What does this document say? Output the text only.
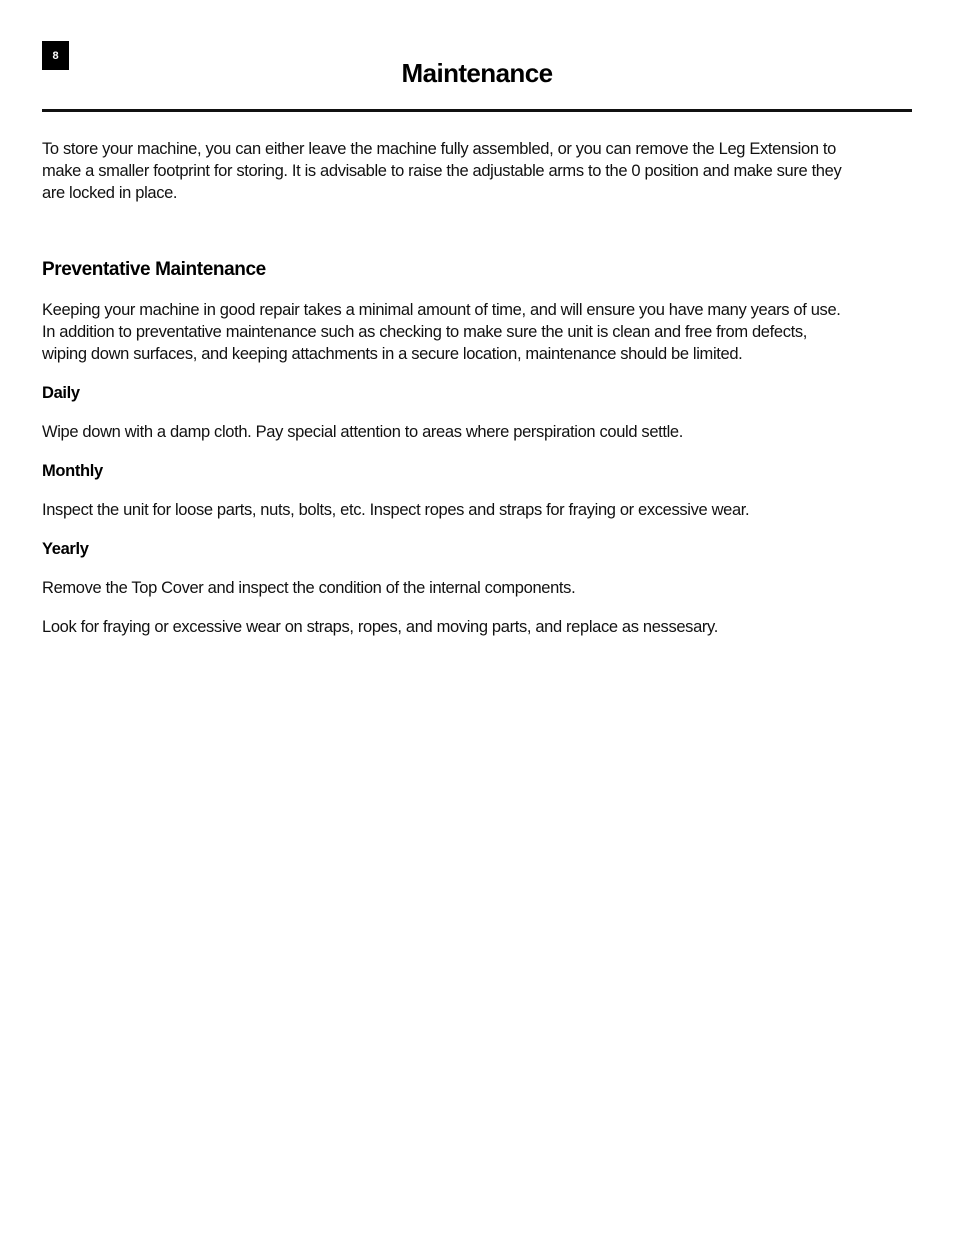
8
Maintenance

To store your machine, you can either leave the machine fully assembled, or you can remove the Leg Extension to make a smaller footprint for storing. It is advisable to raise the adjustable arms to the 0 position and make sure they are locked in place.

Preventative Maintenance

Keeping your machine in good repair takes a minimal amount of time, and will ensure you have many years of use. In addition to preventative maintenance such as checking to make sure the unit is clean and free from defects, wiping down surfaces, and keeping attachments in a secure location, maintenance should be limited.

Daily

Wipe down with a damp cloth. Pay special attention to areas where perspiration could settle.

Monthly

Inspect the unit for loose parts, nuts, bolts, etc. Inspect ropes and straps for fraying or excessive wear.

Yearly

Remove the Top Cover and inspect the condition of the internal components.

Look for fraying or excessive wear on straps, ropes, and moving parts, and replace as nessesary.
